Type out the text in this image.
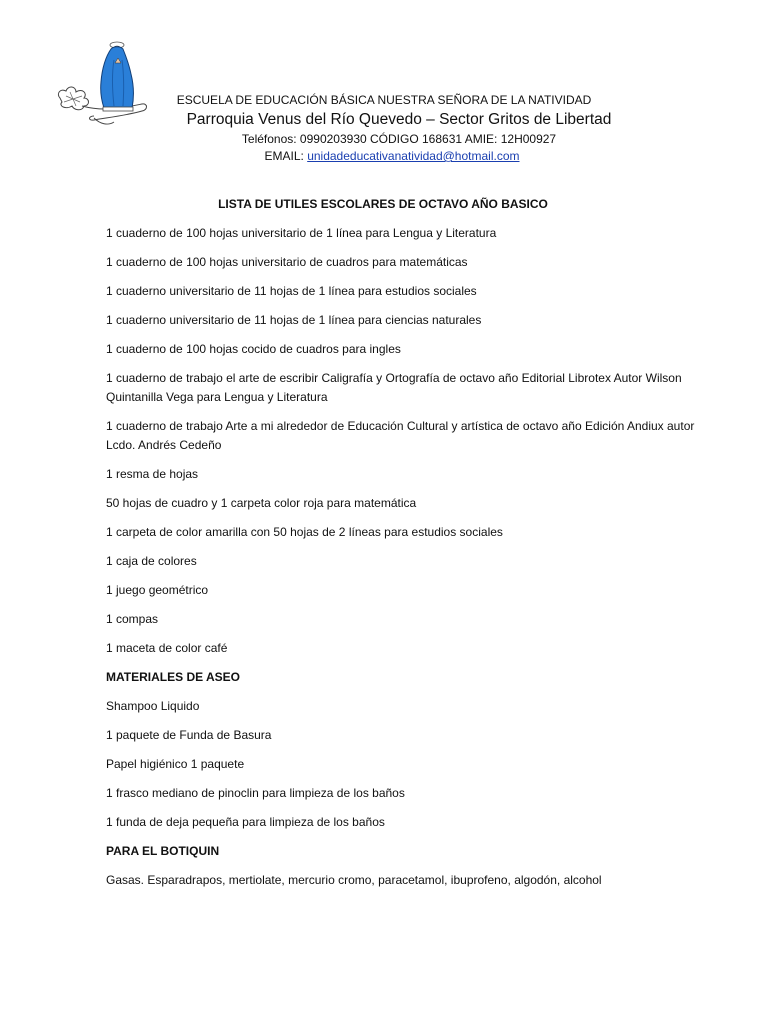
ESCUELA DE EDUCACIÓN BÁSICA NUESTRA SEÑORA DE LA NATIVIDAD
Parroquia Venus del Río Quevedo – Sector Gritos de Libertad
Teléfonos: 0990203930 CÓDIGO 168631 AMIE: 12H00927
EMAIL: unidadeducativanatividad@hotmail.com
LISTA DE UTILES ESCOLARES DE OCTAVO AÑO BASICO
1 cuaderno de 100 hojas universitario de 1 línea para Lengua y Literatura
1 cuaderno de 100 hojas universitario de cuadros para matemáticas
1 cuaderno universitario de 11 hojas de 1 línea para estudios sociales
1 cuaderno universitario de 11 hojas de 1 línea para ciencias naturales
1 cuaderno de 100 hojas cocido de cuadros para ingles
1 cuaderno de trabajo el arte de escribir Caligrafía y Ortografía de octavo año Editorial Librotex Autor Wilson Quintanilla Vega para Lengua y Literatura
1 cuaderno de trabajo Arte a mi alrededor de Educación Cultural y artística de octavo año Edición Andiux autor Lcdo. Andrés Cedeño
1 resma de hojas
50 hojas de cuadro y 1 carpeta color roja para matemática
1 carpeta de color amarilla con 50 hojas de 2 líneas para estudios sociales
1 caja de colores
1 juego geométrico
1 compas
1 maceta de color café
MATERIALES DE ASEO
Shampoo Liquido
1 paquete de Funda de Basura
Papel higiénico 1 paquete
1 frasco mediano de pinoclin para limpieza de los baños
1 funda de deja pequeña para limpieza de los baños
PARA EL BOTIQUIN
Gasas. Esparadrapos, mertiolate, mercurio cromo, paracetamol, ibuprofeno, algodón, alcohol
